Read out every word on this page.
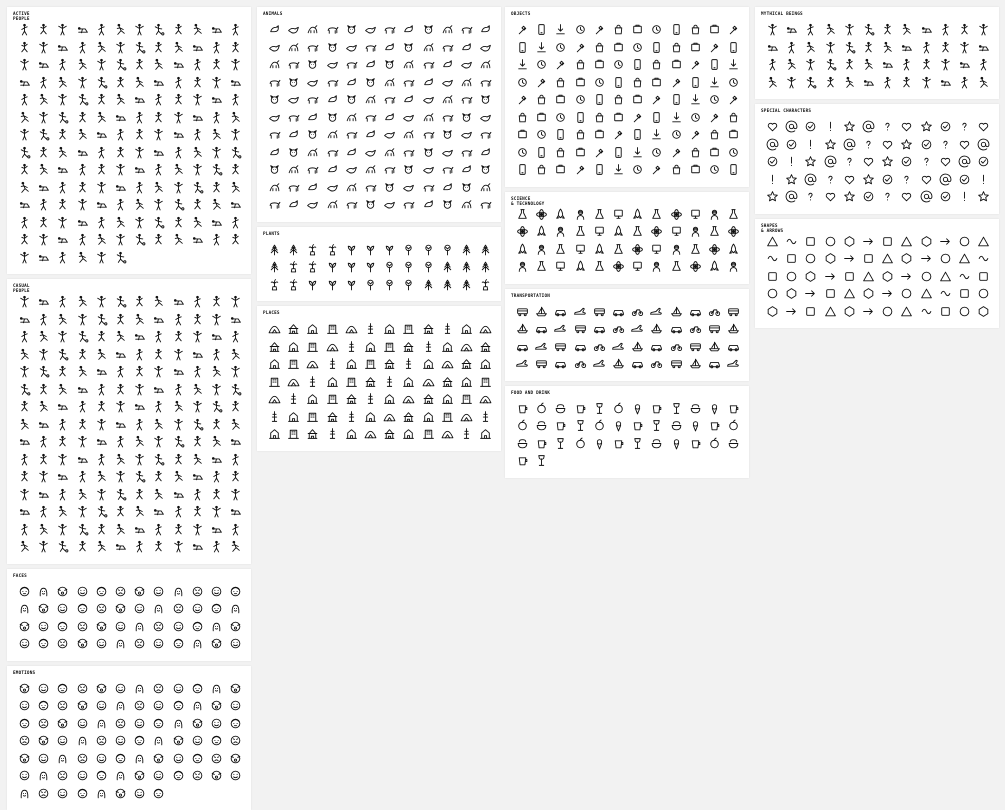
ACTIVE
PEOPLE
CASUAL
PEOPLE
FACES
EMOTIONS
ANIMALS
PLANTS
PLACES
OBJECTS
SCIENCE
& TECHNOLOGY
TRANSPORTATION
FOOD AND DRINK
MYTHICAL BEINGS
SPECIAL CHARACTERS
SHAPES
& ARROWS
